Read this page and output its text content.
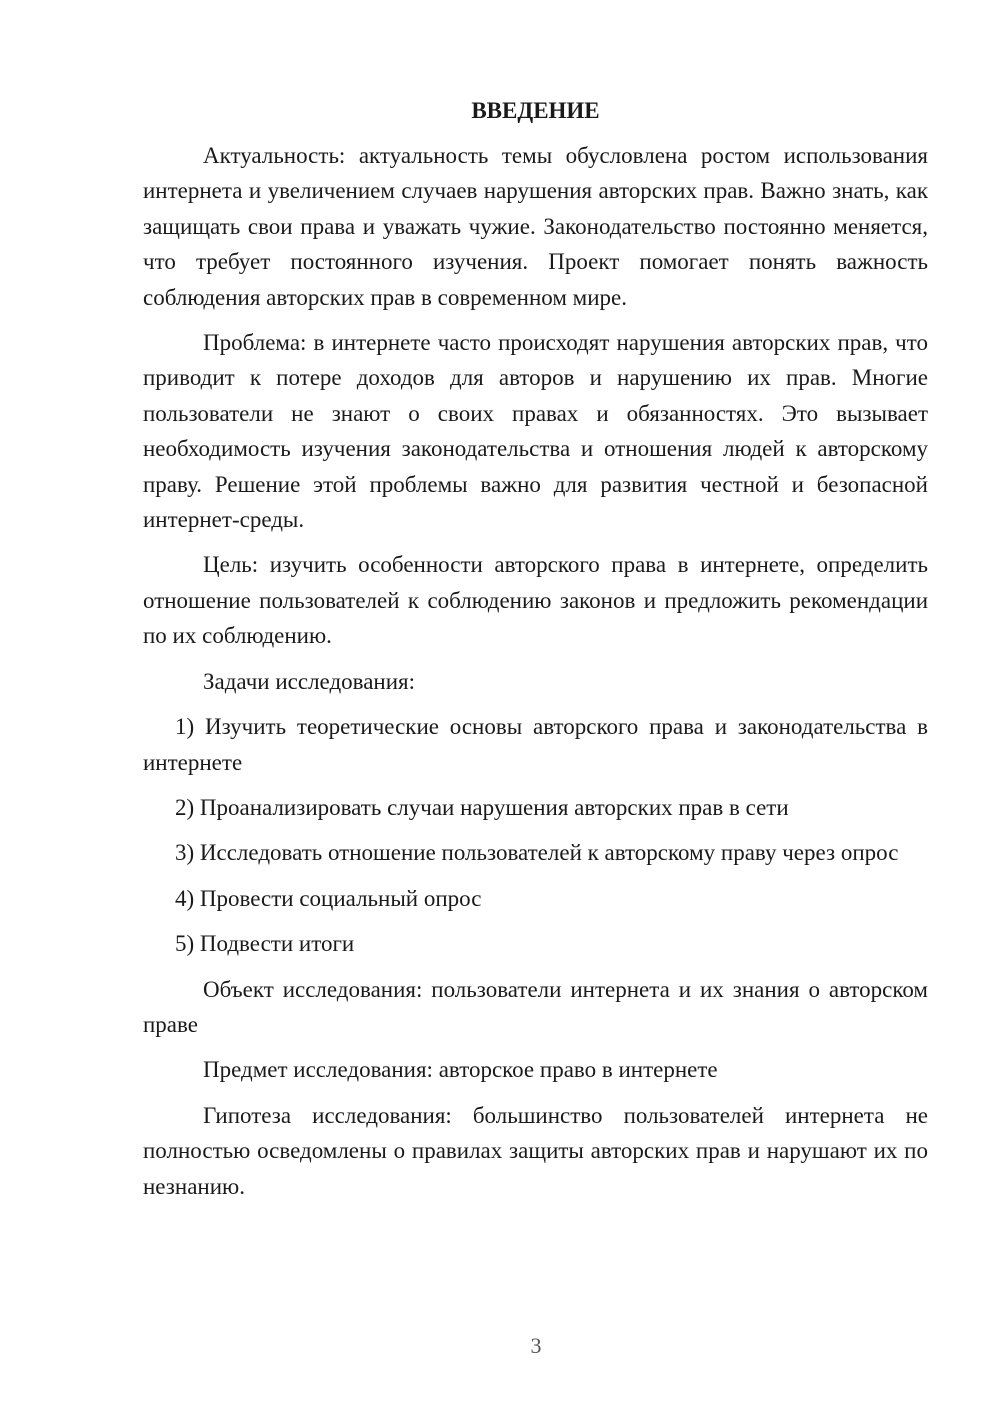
ВВЕДЕНИЕ

Актуальность: актуальность темы обусловлена ростом использования интернета и увеличением случаев нарушения авторских прав. Важно знать, как защищать свои права и уважать чужие. Законодательство постоянно меняется, что требует постоянного изучения. Проект помогает понять важность соблюдения авторских прав в современном мире.

Проблема: в интернете часто происходят нарушения авторских прав, что приводит к потере доходов для авторов и нарушению их прав. Многие пользователи не знают о своих правах и обязанностях. Это вызывает необходимость изучения законодательства и отношения людей к авторскому праву. Решение этой проблемы важно для развития честной и безопасной интернет-среды.

Цель: изучить особенности авторского права в интернете, определить отношение пользователей к соблюдению законов и предложить рекомендации по их соблюдению.

Задачи исследования:

1) Изучить теоретические основы авторского права и законодательства в интернете

2) Проанализировать случаи нарушения авторских прав в сети

3) Исследовать отношение пользователей к авторскому праву через опрос

4) Провести социальный опрос

5) Подвести итоги

Объект исследования: пользователи интернета и их знания о авторском праве

Предмет исследования: авторское право в интернете

Гипотеза исследования: большинство пользователей интернета не полностью осведомлены о правилах защиты авторских прав и нарушают их по незнанию.

3
